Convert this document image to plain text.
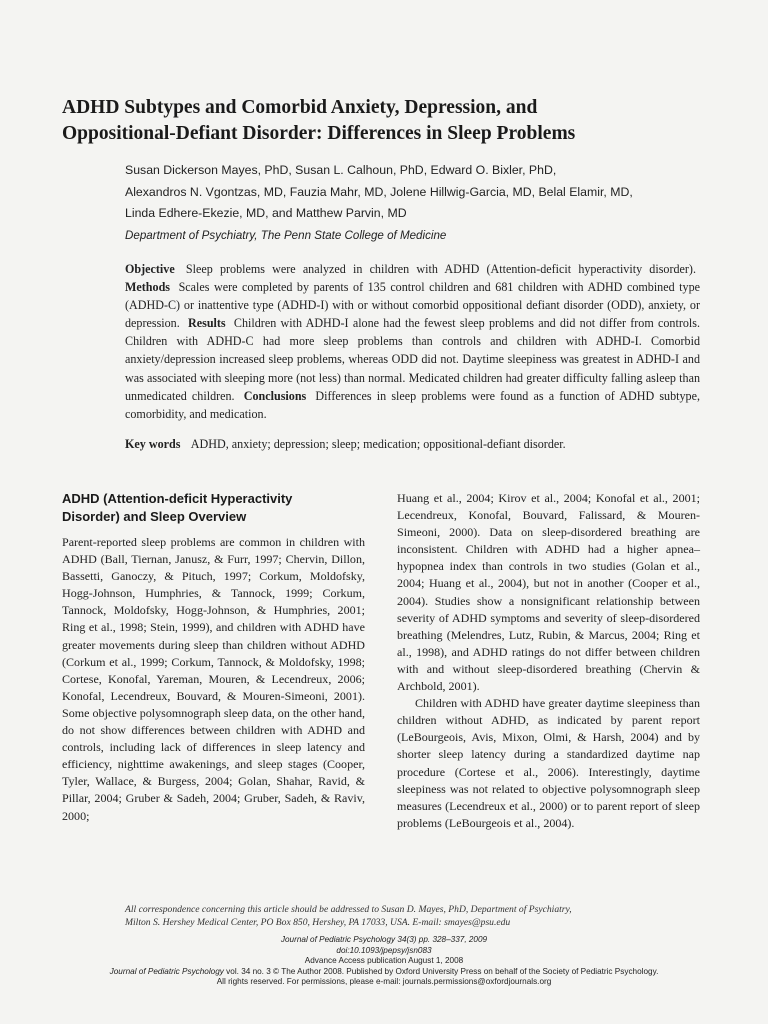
ADHD Subtypes and Comorbid Anxiety, Depression, and
Oppositional-Defiant Disorder: Differences in Sleep Problems
Susan Dickerson Mayes, PhD, Susan L. Calhoun, PhD, Edward O. Bixler, PhD,
Alexandros N. Vgontzas, MD, Fauzia Mahr, MD, Jolene Hillwig-Garcia, MD, Belal Elamir, MD,
Linda Edhere-Ekezie, MD, and Matthew Parvin, MD
Department of Psychiatry, The Penn State College of Medicine
Objective Sleep problems were analyzed in children with ADHD (Attention-deficit hyperactivity disorder). Methods Scales were completed by parents of 135 control children and 681 children with ADHD combined type (ADHD-C) or inattentive type (ADHD-I) with or without comorbid oppositional defiant disorder (ODD), anxiety, or depression. Results Children with ADHD-I alone had the fewest sleep problems and did not differ from controls. Children with ADHD-C had more sleep problems than controls and children with ADHD-I. Comorbid anxiety/depression increased sleep problems, whereas ODD did not. Daytime sleepiness was greatest in ADHD-I and was associated with sleeping more (not less) than normal. Medicated children had greater difficulty falling asleep than unmedicated children. Conclusions Differences in sleep problems were found as a function of ADHD subtype, comorbidity, and medication.
Key words ADHD, anxiety; depression; sleep; medication; oppositional-defiant disorder.
ADHD (Attention-deficit Hyperactivity
Disorder) and Sleep Overview

Parent-reported sleep problems are common in children with ADHD (Ball, Tiernan, Janusz, & Furr, 1997; Chervin, Dillon, Bassetti, Ganoczy, & Pituch, 1997; Corkum, Moldofsky, Hogg-Johnson, Humphries, & Tannock, 1999; Corkum, Tannock, Moldofsky, Hogg-Johnson, & Humphries, 2001; Ring et al., 1998; Stein, 1999), and children with ADHD have greater movements during sleep than children without ADHD (Corkum et al., 1999; Corkum, Tannock, & Moldofsky, 1998; Cortese, Konofal, Yareman, Mouren, & Lecendreux, 2006; Konofal, Lecendreux, Bouvard, & Mouren-Simeoni, 2001). Some objective polysomnograph sleep data, on the other hand, do not show differences between children with ADHD and controls, including lack of differences in sleep latency and efficiency, nighttime awakenings, and sleep stages (Cooper, Tyler, Wallace, & Burgess, 2004; Golan, Shahar, Ravid, & Pillar, 2004; Gruber & Sadeh, 2004; Gruber, Sadeh, & Raviv, 2000;

Huang et al., 2004; Kirov et al., 2004; Konofal et al., 2001; Lecendreux, Konofal, Bouvard, Falissard, & Mouren-Simeoni, 2000). Data on sleep-disordered breathing are inconsistent. Children with ADHD had a higher apnea–hypopnea index than controls in two studies (Golan et al., 2004; Huang et al., 2004), but not in another (Cooper et al., 2004). Studies show a nonsignificant relationship between severity of ADHD symptoms and severity of sleep-disordered breathing (Melendres, Lutz, Rubin, & Marcus, 2004; Ring et al., 1998), and ADHD ratings do not differ between children with and without sleep-disordered breathing (Chervin & Archbold, 2001).

Children with ADHD have greater daytime sleepiness than children without ADHD, as indicated by parent report (LeBourgeois, Avis, Mixon, Olmi, & Harsh, 2004) and by shorter sleep latency during a standardized daytime nap procedure (Cortese et al., 2006). Interestingly, daytime sleepiness was not related to objective polysomnograph sleep measures (Lecendreux et al., 2000) or to parent report of sleep problems (LeBourgeois et al., 2004).

All correspondence concerning this article should be addressed to Susan D. Mayes, PhD, Department of Psychiatry,
Milton S. Hershey Medical Center, PO Box 850, Hershey, PA 17033, USA. E-mail: smayes@psu.edu
Journal of Pediatric Psychology 34(3) pp. 328–337, 2009
doi:10.1093/jpepsy/jsn083
Advance Access publication August 1, 2008
Journal of Pediatric Psychology vol. 34 no. 3 © The Author 2008. Published by Oxford University Press on behalf of the Society of Pediatric Psychology.
All rights reserved. For permissions, please e-mail: journals.permissions@oxfordjournals.org
